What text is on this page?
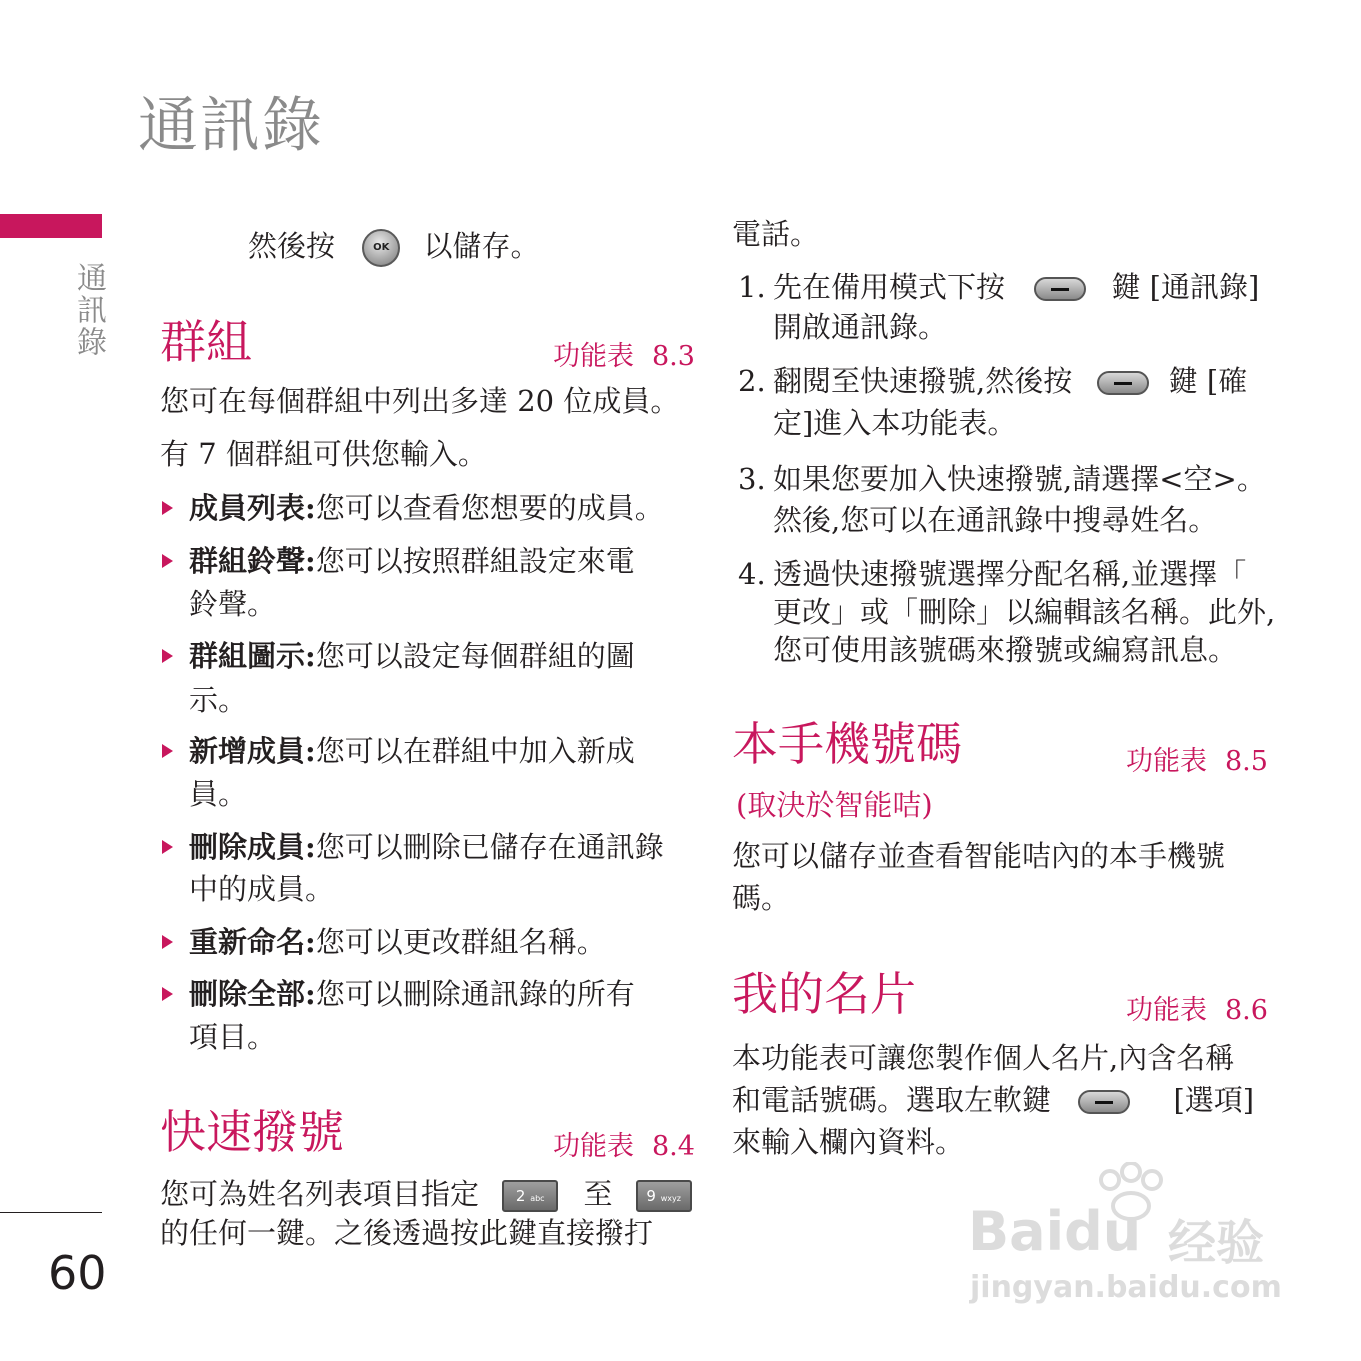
通訊錄
通訊錄
60
然後按	OK 以儲存。
群組	功能表 8.3
您可在每個群組中列出多達 20 位成員。
有 7 個群組可供您輸入。
成員列表:您可以查看您想要的成員。
群組鈴聲:您可以按照群組設定來電
鈴聲。
群組圖示:您可以設定每個群組的圖
示。
新增成員:您可以在群組中加入新成
員。
刪除成員:您可以刪除已儲存在通訊錄
中的成員。
重新命名:您可以更改群組名稱。
刪除全部:您可以刪除通訊錄的所有
項目。
快速撥號	功能表 8.4
您可為姓名列表項目指定 2 abc 至 9 wxyz
的任何一鍵。之後透過按此鍵直接撥打
電話。
1. 先在備用模式下按	鍵 [通訊錄]
開啟通訊錄。
2. 翻閱至快速撥號,然後按	鍵 [確
定]進入本功能表。
3. 如果您要加入快速撥號,請選擇<空>。
然後,您可以在通訊錄中搜尋姓名。
4. 透過快速撥號選擇分配名稱,並選擇「
更改」或「刪除」以編輯該名稱。此外,
您可使用該號碼來撥號或編寫訊息。
本手機號碼	功能表 8.5
(取決於智能咭)
您可以儲存並查看智能咭內的本手機號
碼。
我的名片	功能表 8.6
本功能表可讓您製作個人名片,內含名稱
和電話號碼。選取左軟鍵	[選項]
來輸入欄內資料。
Baidu 经验
jingyan.baidu.com
